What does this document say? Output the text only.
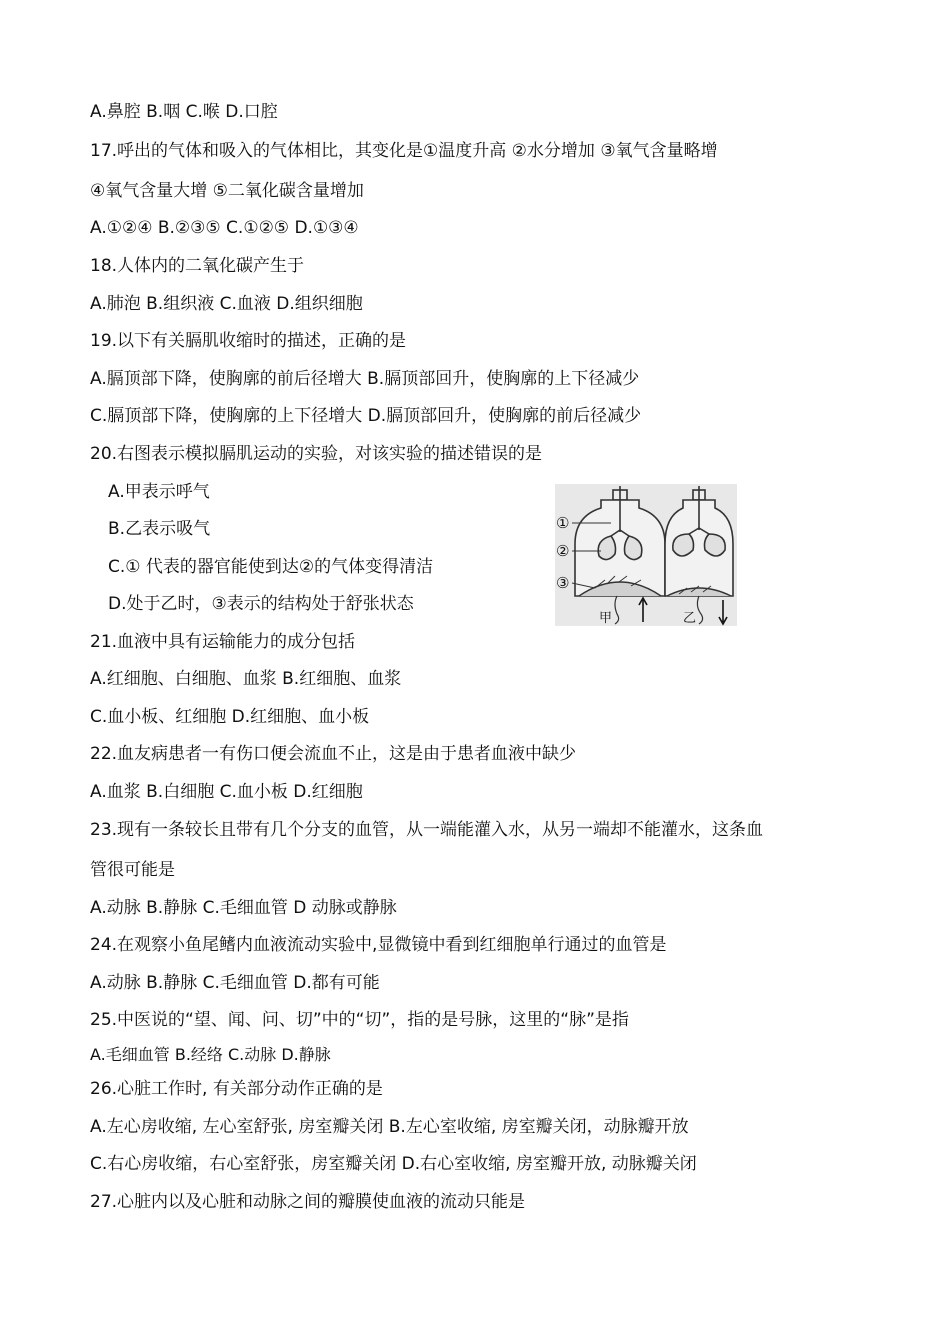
A.鼻腔 B.咽 C.喉 D.口腔
17.呼出的气体和吸入的气体相比，其变化是①温度升高 ②水分增加 ③氧气含量略增
④氧气含量大增 ⑤二氧化碳含量增加
A.①②④ B.②③⑤ C.①②⑤ D.①③④
18.人体内的二氧化碳产生于
A.肺泡 B.组织液 C.血液 D.组织细胞
19.以下有关膈肌收缩时的描述，正确的是
A.膈顶部下降，使胸廓的前后径增大 B.膈顶部回升，使胸廓的上下径减少
C.膈顶部下降，使胸廓的上下径增大 D.膈顶部回升，使胸廓的前后径减少
20.右图表示模拟膈肌运动的实验，对该实验的描述错误的是
A.甲表示呼气
B.乙表示吸气
C.① 代表的器官能使到达②的气体变得清洁
D.处于乙时，③表示的结构处于舒张状态
21.血液中具有运输能力的成分包括
A.红细胞、白细胞、血浆 B.红细胞、血浆
C.血小板、红细胞 D.红细胞、血小板
22.血友病患者一有伤口便会流血不止，这是由于患者血液中缺少
A.血浆 B.白细胞 C.血小板 D.红细胞
23.现有一条较长且带有几个分支的血管，从一端能灌入水，从另一端却不能灌水，这条血
管很可能是
A.动脉 B.静脉 C.毛细血管 D 动脉或静脉
24.在观察小鱼尾鳍内血液流动实验中,显微镜中看到红细胞单行通过的血管是
A.动脉 B.静脉 C.毛细血管 D.都有可能
25.中医说的“望、闻、问、切”中的“切”，指的是号脉，这里的“脉”是指
A.毛细血管 B.经络 C.动脉 D.静脉
26.心脏工作时, 有关部分动作正确的是
A.左心房收缩, 左心室舒张, 房室瓣关闭 B.左心室收缩, 房室瓣关闭，动脉瓣开放
C.右心房收缩，右心室舒张，房室瓣关闭 D.右心室收缩, 房室瓣开放, 动脉瓣关闭
27.心脏内以及心脏和动脉之间的瓣膜使血液的流动只能是
①
②
③
甲	乙
